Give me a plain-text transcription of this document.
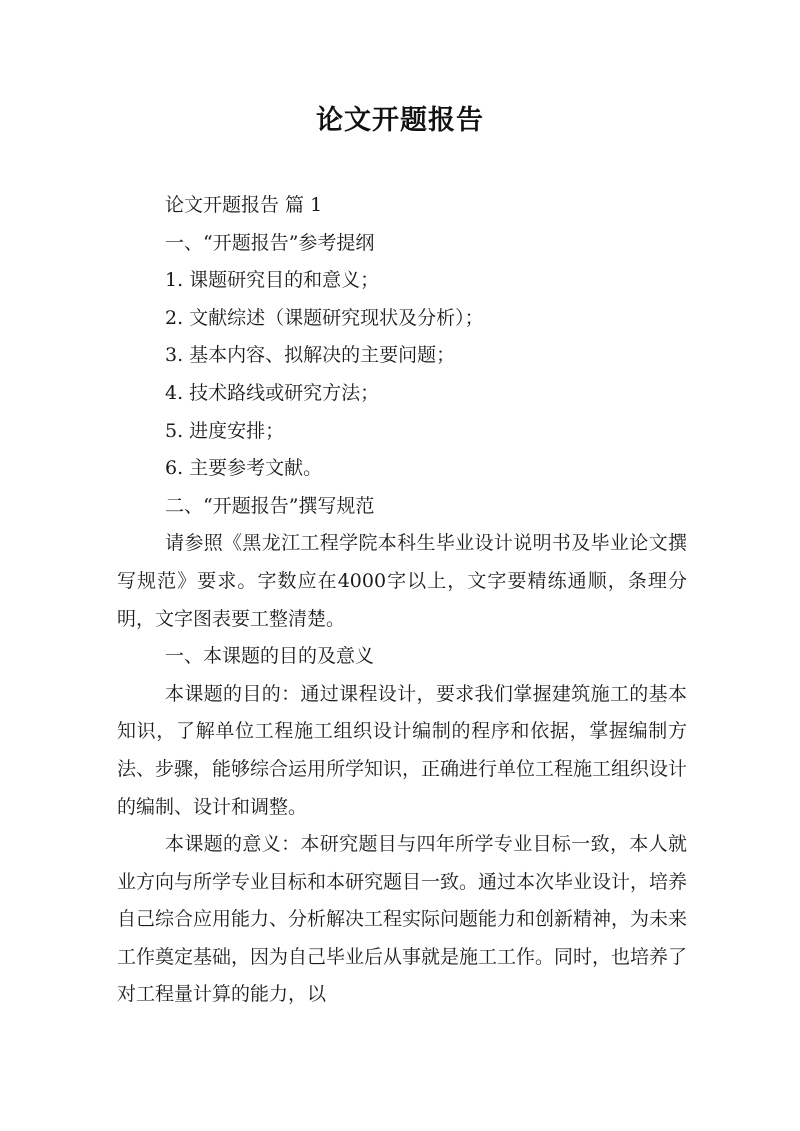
论文开题报告
论文开题报告 篇 1
一、“开题报告”参考提纲
1. 课题研究目的和意义；
2. 文献综述（课题研究现状及分析）；
3. 基本内容、拟解决的主要问题；
4. 技术路线或研究方法；
5. 进度安排；
6. 主要参考文献。
二、“开题报告”撰写规范
请参照《黑龙江工程学院本科生毕业设计说明书及毕业论文撰写规范》要求。字数应在4000字以上，文字要精练通顺，条理分明，文字图表要工整清楚。
一、本课题的目的及意义
本课题的目的：通过课程设计，要求我们掌握建筑施工的基本知识，了解单位工程施工组织设计编制的程序和依据，掌握编制方法、步骤，能够综合运用所学知识，正确进行单位工程施工组织设计的编制、设计和调整。
本课题的意义：本研究题目与四年所学专业目标一致，本人就业方向与所学专业目标和本研究题目一致。通过本次毕业设计，培养自己综合应用能力、分析解决工程实际问题能力和创新精神，为未来工作奠定基础，因为自己毕业后从事就是施工工作。同时，也培养了对工程量计算的能力，以
